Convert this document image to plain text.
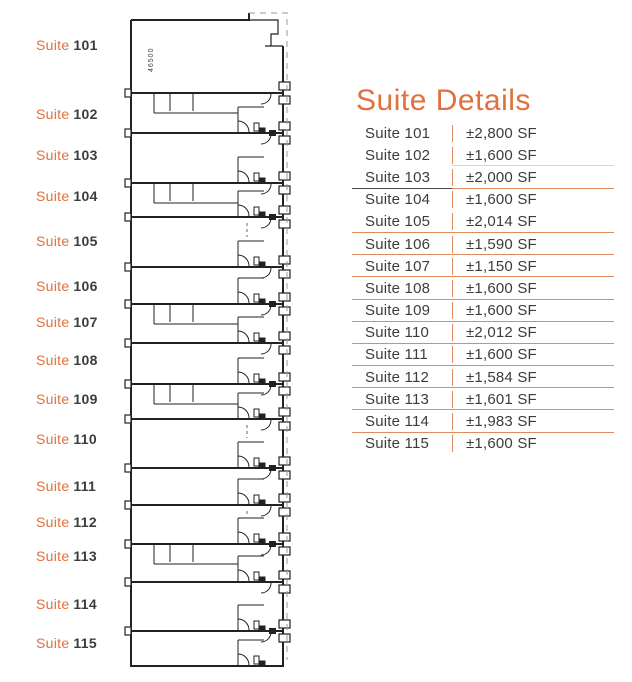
46500
Suite 101
Suite 102
Suite 103
Suite 104
Suite 105
Suite 106
Suite 107
Suite 108
Suite 109
Suite 110
Suite 111
Suite 112
Suite 113
Suite 114
Suite 115
Suite Details
Suite 101	±2,800 SF
Suite 102	±1,600 SF
Suite 103	±2,000 SF
Suite 104	±1,600 SF
Suite 105	±2,014 SF
Suite 106	±1,590 SF
Suite 107	±1,150 SF
Suite 108	±1,600 SF
Suite 109	±1,600 SF
Suite 110	±2,012 SF
Suite 111	±1,600 SF
Suite 112	±1,584 SF
Suite 113	±1,601 SF
Suite 114	±1,983 SF
Suite 115	±1,600 SF
